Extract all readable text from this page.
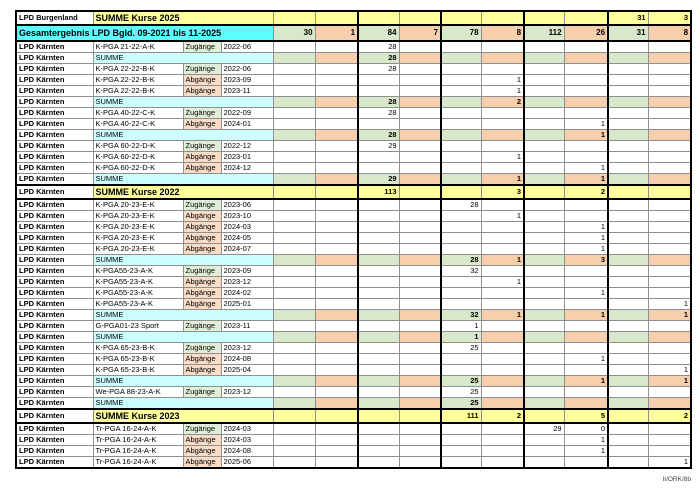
LPD Burgenland	SUMME Kurse 2025											31	3
Gesamtergebnis LPD Bgld. 09-2021 bis 11-2025				30	1	84	7	78	8	112	26	31	8
LPD Kärnten	K-PGA 21-22-A-K	Zugänge	2022-06			28							
LPD Kärnten	SUMME					28							
LPD Kärnten	K-PGA 22-22-B-K	Zugänge	2022-06			28							
LPD Kärnten	K-PGA 22-22-B-K	Abgänge	2023-09						1				
LPD Kärnten	K-PGA 22-22-B-K	Abgänge	2023-11						1				
LPD Kärnten	SUMME					28			2				
LPD Kärnten	K-PGA 40-22-C-K	Zugänge	2022-09			28							
LPD Kärnten	K-PGA 40-22-C-K	Abgänge	2024-01								1		
LPD Kärnten	SUMME					28					1		
LPD Kärnten	K-PGA 60-22-D-K	Zugänge	2022-12			29							
LPD Kärnten	K-PGA 60-22-D-K	Abgänge	2023-01						1				
LPD Kärnten	K-PGA 60-22-D-K	Abgänge	2024-12								1		
LPD Kärnten	SUMME					29			1		1		
LPD Kärnten	SUMME Kurse 2022					113			3		2		
LPD Kärnten	K-PGA 20-23-E-K	Zugänge	2023-06					28					
LPD Kärnten	K-PGA 20-23-E-K	Abgänge	2023-10						1				
LPD Kärnten	K-PGA 20-23-E-K	Abgänge	2024-03								1		
LPD Kärnten	K-PGA 20-23-E-K	Abgänge	2024-05								1		
LPD Kärnten	K-PGA 20-23-E-K	Abgänge	2024-07								1		
LPD Kärnten	SUMME							28	1		3		
LPD Kärnten	K-PGA55-23-A-K	Zugänge	2023-09					32					
LPD Kärnten	K-PGA55-23-A-K	Abgänge	2023-12						1				
LPD Kärnten	K-PGA55-23-A-K	Abgänge	2024-02								1		
LPD Kärnten	K-PGA55-23-A-K	Abgänge	2025-01										1
LPD Kärnten	SUMME							32	1		1		1
LPD Kärnten	G-PGA01-23 Sport	Zugänge	2023-11					1					
LPD Kärnten	SUMME							1					
LPD Kärnten	K-PGA 65-23-B-K	Zugänge	2023-12					25					
LPD Kärnten	K-PGA 65-23-B-K	Abgänge	2024-08								1		
LPD Kärnten	K-PGA 65-23-B-K	Abgänge	2025-04										1
LPD Kärnten	SUMME							25			1		1
LPD Kärnten	We-PGA 88-23-A-K	Zugänge	2023-12					25					
LPD Kärnten	SUMME							25					
LPD Kärnten	SUMME Kurse 2023							111	2		5		2
LPD Kärnten	Tr-PGA 16-24-A-K	Zugänge	2024-03							29	0		
LPD Kärnten	Tr-PGA 16-24-A-K	Abgänge	2024-03								1		
LPD Kärnten	Tr-PGA 16-24-A-K	Abgänge	2024-08								1		
LPD Kärnten	Tr-PGA 16-24-A-K	Abgänge	2025-06										1
II/ORK/8b
